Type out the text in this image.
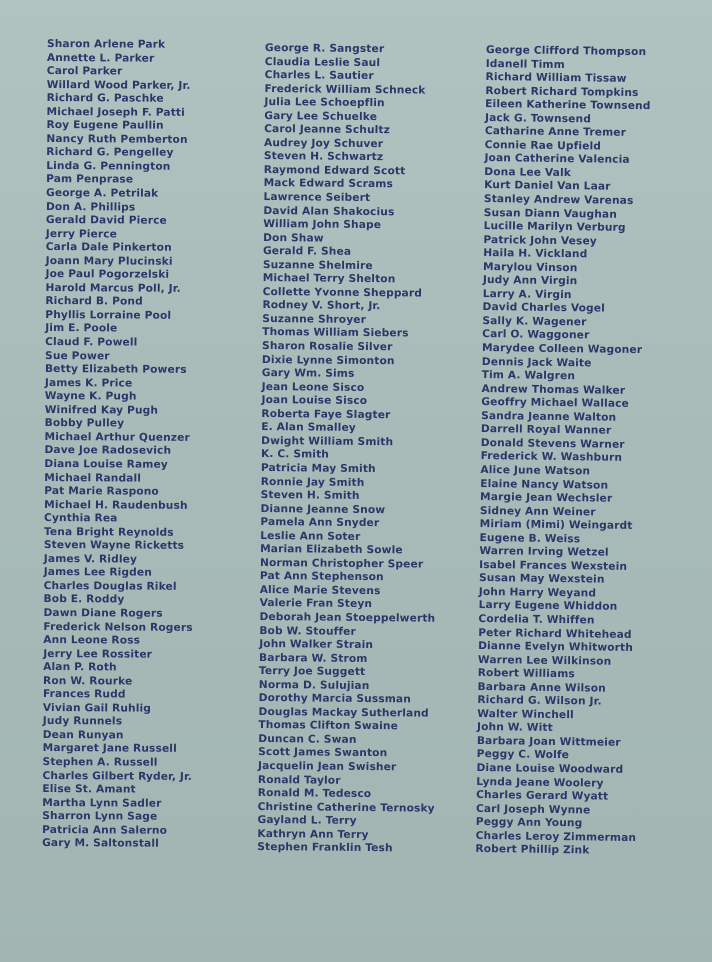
Sharon Arlene Park
Annette L. Parker
Carol Parker
Willard Wood Parker, Jr.
Richard G. Paschke
Michael Joseph F. Patti
Roy Eugene Paullin
Nancy Ruth Pemberton
Richard G. Pengelley
Linda G. Pennington
Pam Penprase
George A. Petrilak
Don A. Phillips
Gerald David Pierce
Jerry Pierce
Carla Dale Pinkerton
Joann Mary Plucinski
Joe Paul Pogorzelski
Harold Marcus Poll, Jr.
Richard B. Pond
Phyllis Lorraine Pool
Jim E. Poole
Claud F. Powell
Sue Power
Betty Elizabeth Powers
James K. Price
Wayne K. Pugh
Winifred Kay Pugh
Bobby Pulley
Michael Arthur Quenzer
Dave Joe Radosevich
Diana Louise Ramey
Michael Randall
Pat Marie Raspono
Michael H. Raudenbush
Cynthia Rea
Tena Bright Reynolds
Steven Wayne Ricketts
James V. Ridley
James Lee Rigden
Charles Douglas Rikel
Bob E. Roddy
Dawn Diane Rogers
Frederick Nelson Rogers
Ann Leone Ross
Jerry Lee Rossiter
Alan P. Roth
Ron W. Rourke
Frances Rudd
Vivian Gail Ruhlig
Judy Runnels
Dean Runyan
Margaret Jane Russell
Stephen A. Russell
Charles Gilbert Ryder, Jr.
Elise St. Amant
Martha Lynn Sadler
Sharron Lynn Sage
Patricia Ann Salerno
Gary M. Saltonstall
George R. Sangster
Claudia Leslie Saul
Charles L. Sautier
Frederick William Schneck
Julia Lee Schoepflin
Gary Lee Schuelke
Carol Jeanne Schultz
Audrey Joy Schuver
Steven H. Schwartz
Raymond Edward Scott
Mack Edward Scrams
Lawrence Seibert
David Alan Shakocius
William John Shape
Don Shaw
Gerald F. Shea
Suzanne Shelmire
Michael Terry Shelton
Collette Yvonne Sheppard
Rodney V. Short, Jr.
Suzanne Shroyer
Thomas William Siebers
Sharon Rosalie Silver
Dixie Lynne Simonton
Gary Wm. Sims
Jean Leone Sisco
Joan Louise Sisco
Roberta Faye Slagter
E. Alan Smalley
Dwight William Smith
K. C. Smith
Patricia May Smith
Ronnie Jay Smith
Steven H. Smith
Dianne Jeanne Snow
Pamela Ann Snyder
Leslie Ann Soter
Marian Elizabeth Sowle
Norman Christopher Speer
Pat Ann Stephenson
Alice Marie Stevens
Valerie Fran Steyn
Deborah Jean Stoeppelwerth
Bob W. Stouffer
John Walker Strain
Barbara W. Strom
Terry Joe Suggett
Norma D. Sulujian
Dorothy Marcia Sussman
Douglas Mackay Sutherland
Thomas Clifton Swaine
Duncan C. Swan
Scott James Swanton
Jacquelin Jean Swisher
Ronald Taylor
Ronald M. Tedesco
Christine Catherine Ternosky
Gayland L. Terry
Kathryn Ann Terry
Stephen Franklin Tesh
George Clifford Thompson
Idanell Timm
Richard William Tissaw
Robert Richard Tompkins
Eileen Katherine Townsend
Jack G. Townsend
Catharine Anne Tremer
Connie Rae Upfield
Joan Catherine Valencia
Dona Lee Valk
Kurt Daniel Van Laar
Stanley Andrew Varenas
Susan Diann Vaughan
Lucille Marilyn Verburg
Patrick John Vesey
Haila H. Vickland
Marylou Vinson
Judy Ann Virgin
Larry A. Virgin
David Charles Vogel
Sally K. Wagener
Carl O. Waggoner
Marydee Colleen Wagoner
Dennis Jack Waite
Tim A. Walgren
Andrew Thomas Walker
Geoffry Michael Wallace
Sandra Jeanne Walton
Darrell Royal Wanner
Donald Stevens Warner
Frederick W. Washburn
Alice June Watson
Elaine Nancy Watson
Margie Jean Wechsler
Sidney Ann Weiner
Miriam (Mimi) Weingardt
Eugene B. Weiss
Warren Irving Wetzel
Isabel Frances Wexstein
Susan May Wexstein
John Harry Weyand
Larry Eugene Whiddon
Cordelia T. Whiffen
Peter Richard Whitehead
Dianne Evelyn Whitworth
Warren Lee Wilkinson
Robert Williams
Barbara Anne Wilson
Richard G. Wilson Jr.
Walter Winchell
John W. Witt
Barbara Joan Wittmeier
Peggy C. Wolfe
Diane Louise Woodward
Lynda Jeane Woolery
Charles Gerard Wyatt
Carl Joseph Wynne
Peggy Ann Young
Charles Leroy Zimmerman
Robert Phillip Zink
